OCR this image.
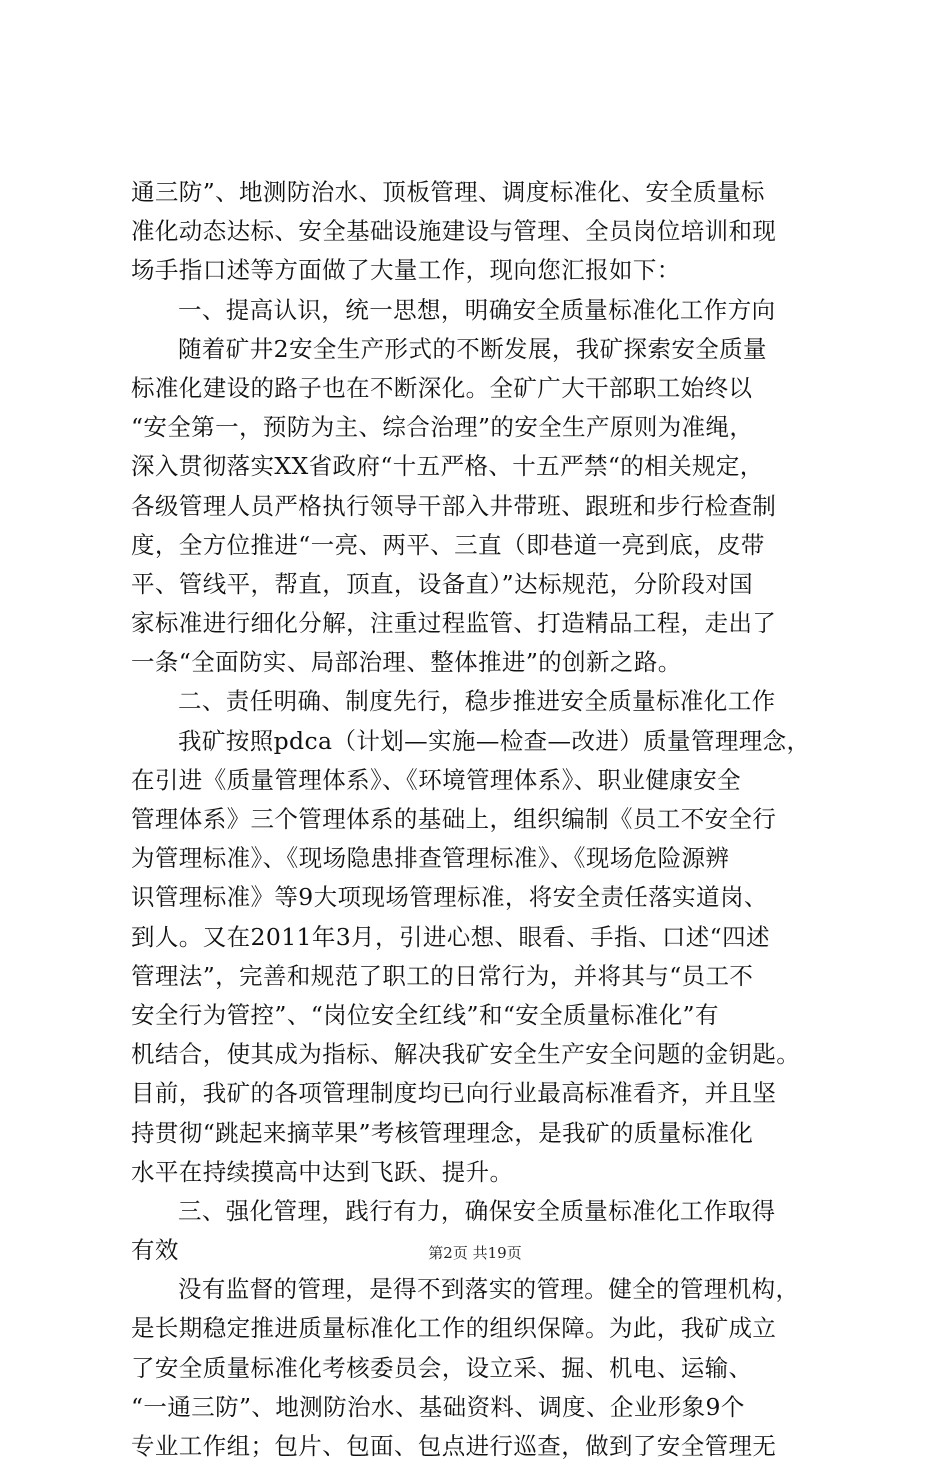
通三防”、地测防治水、顶板管理、调度标准化、安全质量标
准化动态达标、安全基础设施建设与管理、全员岗位培训和现
场手指口述等方面做了大量工作，现向您汇报如下：
一、提高认识，统一思想，明确安全质量标准化工作方向
随着矿井2安全生产形式的不断发展，我矿探索安全质量
标准化建设的路子也在不断深化。全矿广大干部职工始终以
“安全第一，预防为主、综合治理”的安全生产原则为准绳，
深入贯彻落实XX省政府“十五严格、十五严禁“的相关规定，
各级管理人员严格执行领导干部入井带班、跟班和步行检查制
度，全方位推进“一亮、两平、三直（即巷道一亮到底，皮带
平、管线平，帮直，顶直，设备直）”达标规范，分阶段对国
家标准进行细化分解，注重过程监管、打造精品工程，走出了
一条“全面防实、局部治理、整体推进”的创新之路。
二、责任明确、制度先行，稳步推进安全质量标准化工作
我矿按照pdca（计划—实施—检查—改进）质量管理理念，
在引进《质量管理体系》、《环境管理体系》、职业健康安全
管理体系》三个管理体系的基础上，组织编制《员工不安全行
为管理标准》、《现场隐患排查管理标准》、《现场危险源辨
识管理标准》等9大项现场管理标准，将安全责任落实道岗、
到人。又在2011年3月，引进心想、眼看、手指、口述“四述
管理法”，完善和规范了职工的日常行为，并将其与“员工不
安全行为管控”、“岗位安全红线”和“安全质量标准化”有
机结合，使其成为指标、解决我矿安全生产安全问题的金钥匙。
目前，我矿的各项管理制度均已向行业最高标准看齐，并且坚
持贯彻“跳起来摘苹果”考核管理理念，是我矿的质量标准化
水平在持续摸高中达到飞跃、提升。
三、强化管理，践行有力，确保安全质量标准化工作取得
有效
没有监督的管理，是得不到落实的管理。健全的管理机构，
是长期稳定推进质量标准化工作的组织保障。为此，我矿成立
了安全质量标准化考核委员会，设立采、掘、机电、运输、
“一通三防”、地测防治水、基础资料、调度、企业形象9个
专业工作组；包片、包面、包点进行巡查，做到了安全管理无
第2页 共19页
